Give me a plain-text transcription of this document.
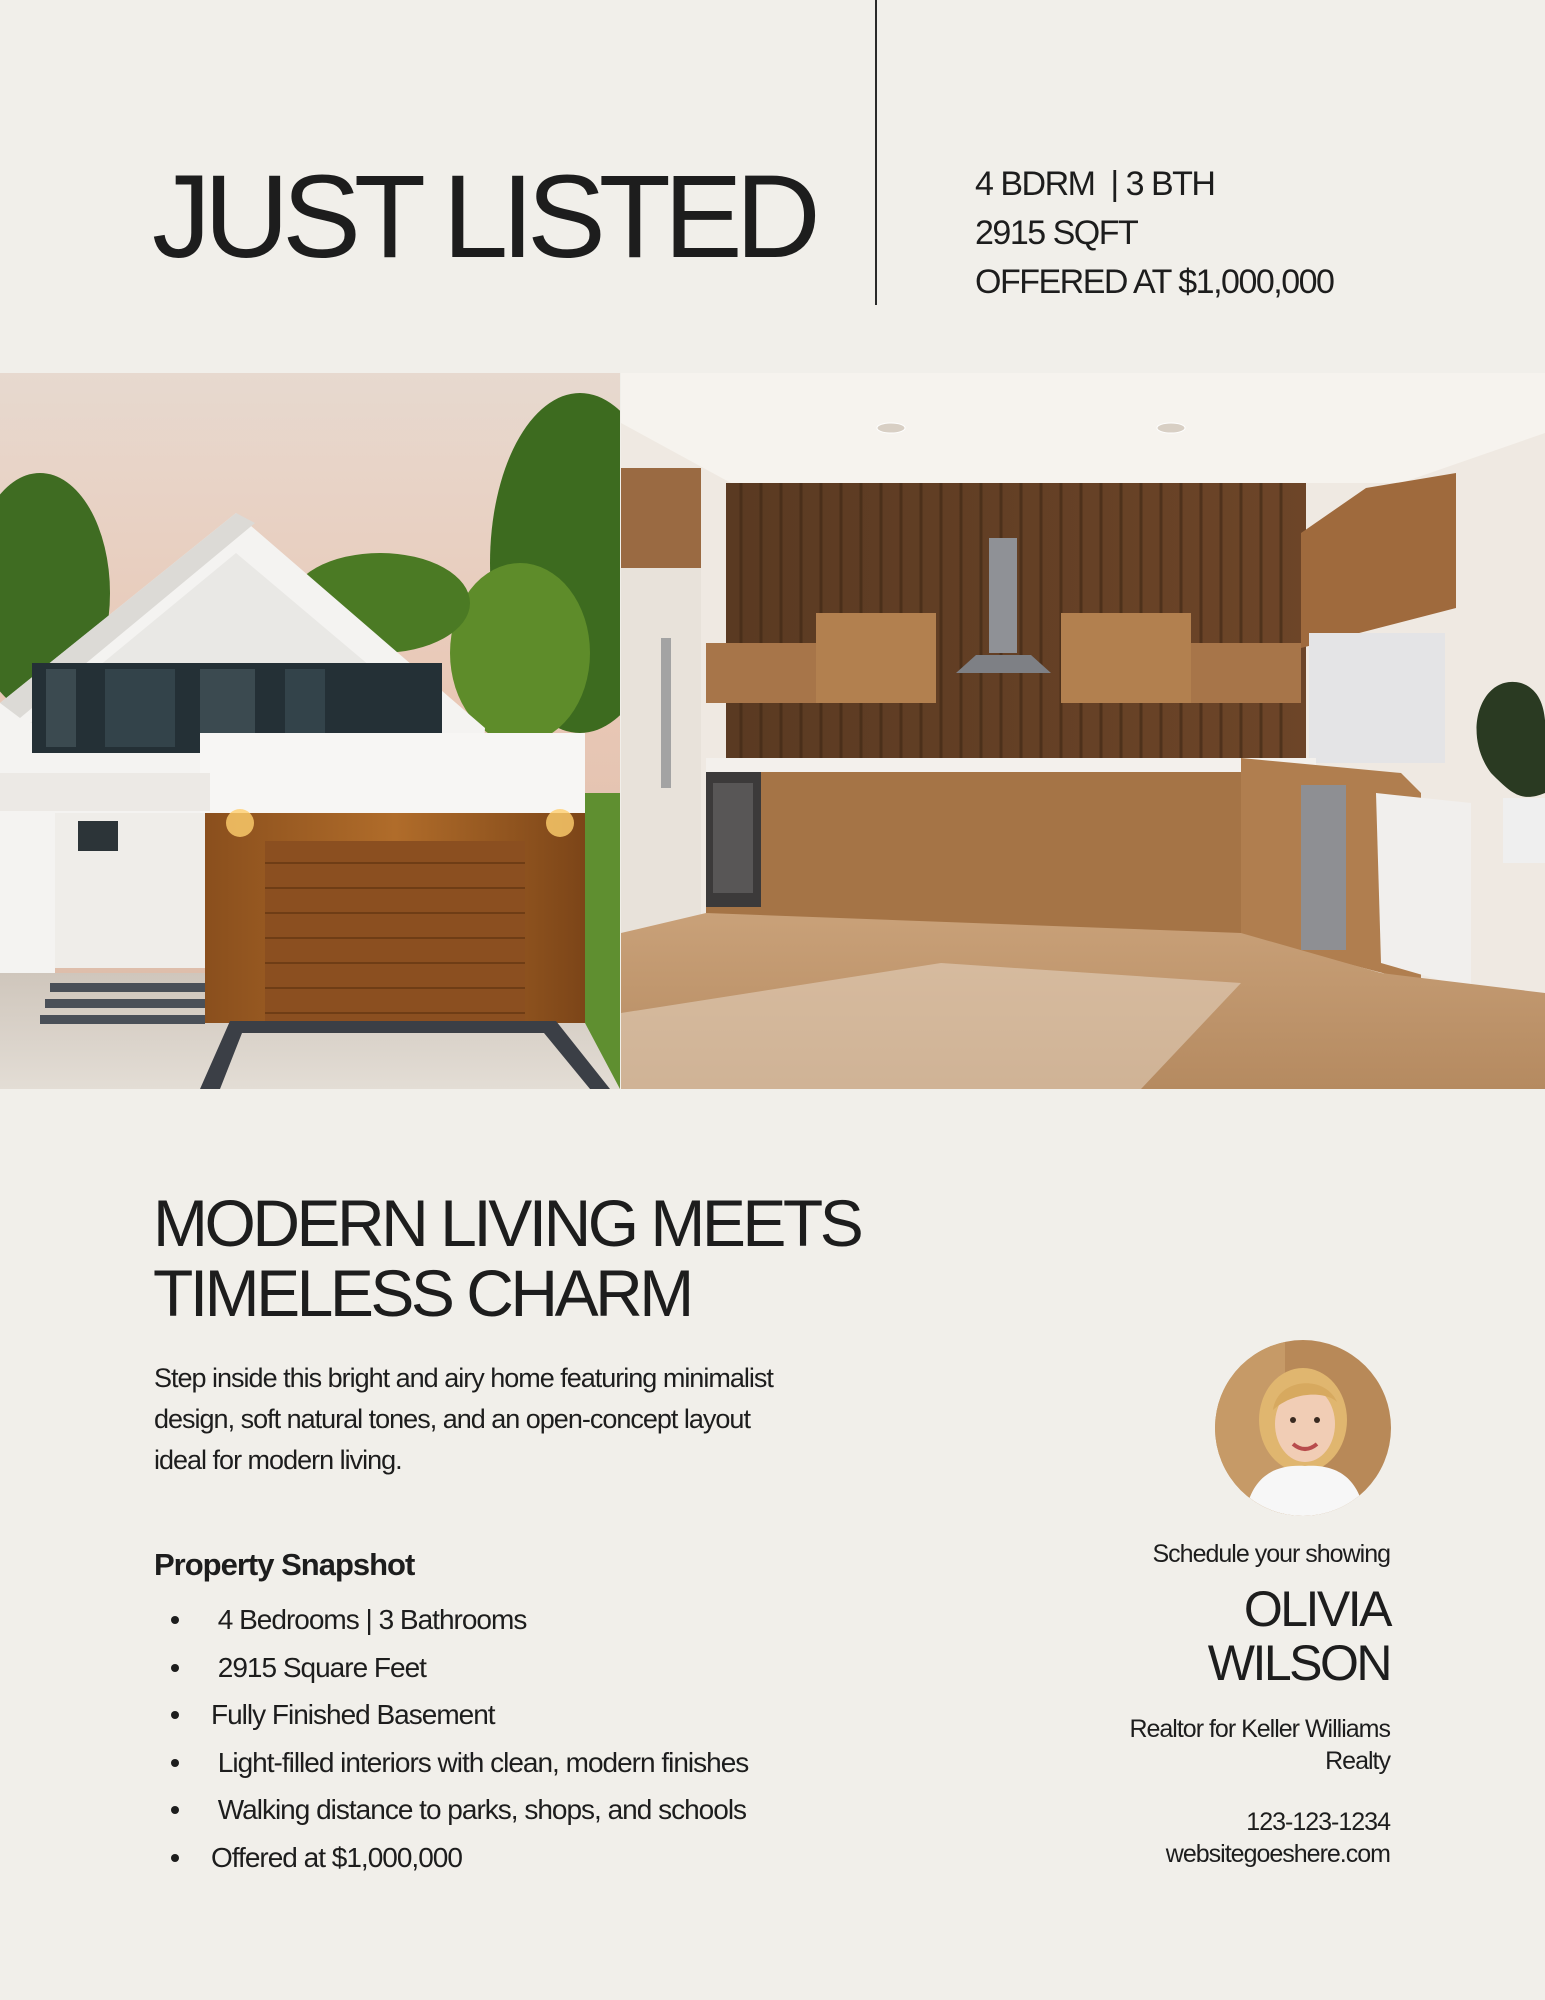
JUST LISTED	4 BDRM  | 3 BTH
2915 SQFT
OFFERED AT $1,000,000
MODERN LIVING MEETS
TIMELESS CHARM

Step inside this bright and airy home featuring minimalist design, soft natural tones, and an open-concept layout ideal for modern living.

Property Snapshot
4 Bedrooms | 3 Bathrooms
2915 Square Feet
Fully Finished Basement
Light-filled interiors with clean, modern finishes
Walking distance to parks, shops, and schools
Offered at $1,000,000
Schedule your showing
OLIVIA
WILSON
Realtor for Keller Williams Realty
123-123-1234
websitegoeshere.com
